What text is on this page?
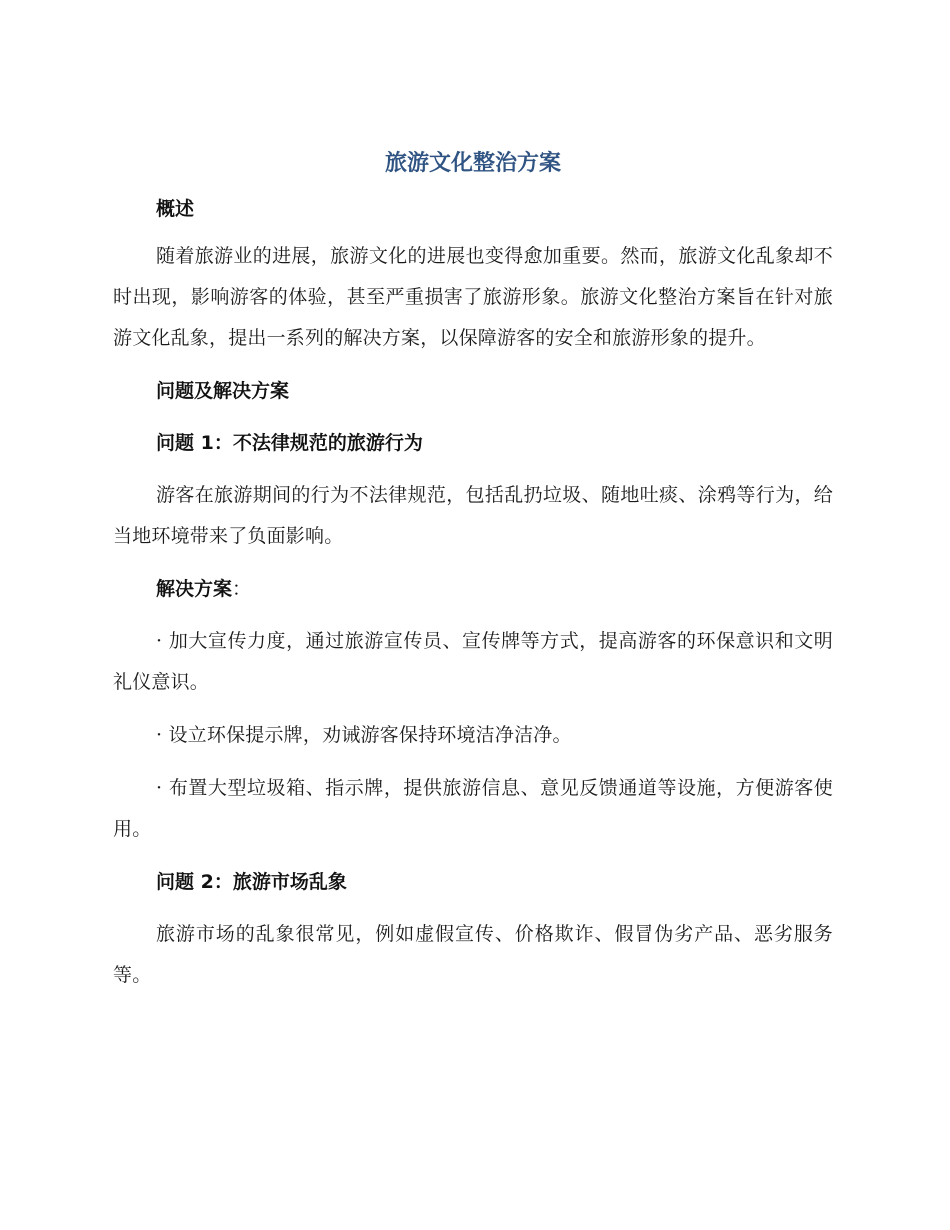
旅游文化整治方案
概述

随着旅游业的进展，旅游文化的进展也变得愈加重要。然而，旅游文化乱象却不时出现，影响游客的体验，甚至严重损害了旅游形象。旅游文化整治方案旨在针对旅游文化乱象，提出一系列的解决方案，以保障游客的安全和旅游形象的提升。

问题及解决方案
问题 1：不法律规范的旅游行为

游客在旅游期间的行为不法律规范，包括乱扔垃圾、随地吐痰、涂鸦等行为，给当地环境带来了负面影响。

解决方案：

· 加大宣传力度，通过旅游宣传员、宣传牌等方式，提高游客的环保意识和文明礼仪意识。

· 设立环保提示牌，劝诫游客保持环境洁净洁净。

· 布置大型垃圾箱、指示牌，提供旅游信息、意见反馈通道等设施，方便游客使用。

问题 2：旅游市场乱象

旅游市场的乱象很常见，例如虚假宣传、价格欺诈、假冒伪劣产品、恶劣服务等。
